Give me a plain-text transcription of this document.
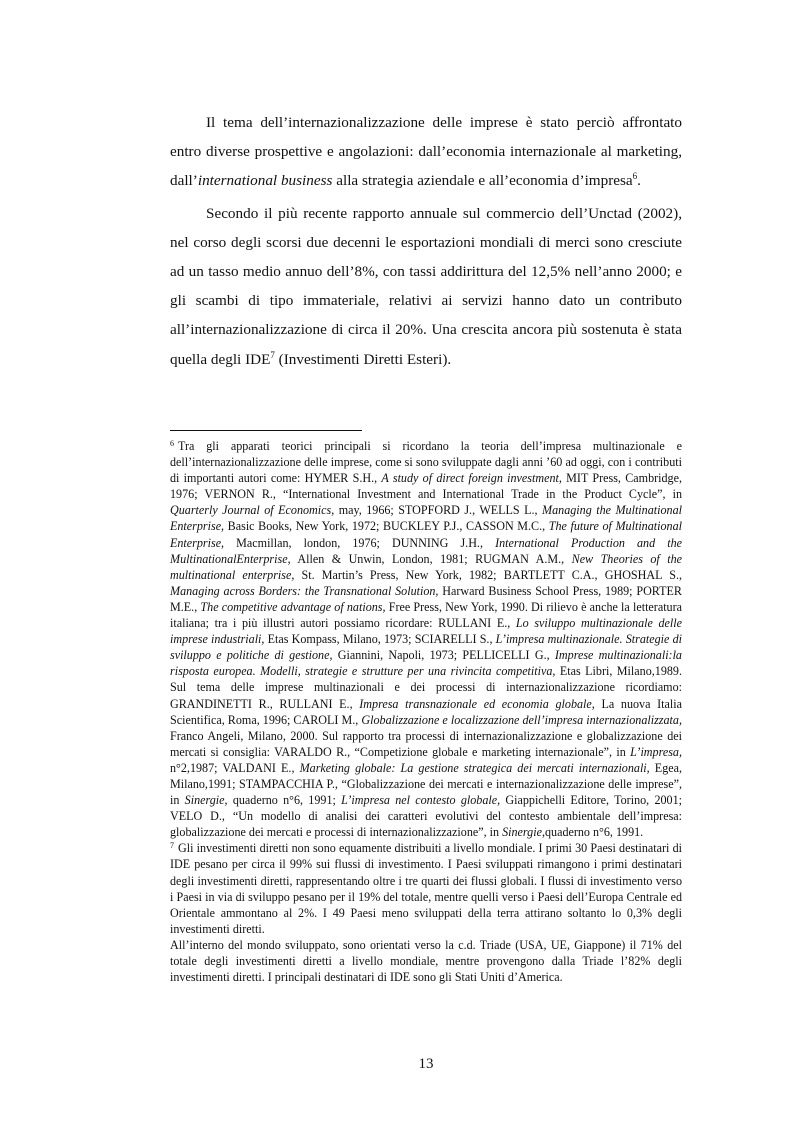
Il tema dell’internazionalizzazione delle imprese è stato perciò affrontato entro diverse prospettive e angolazioni: dall’economia internazionale al marketing, dall’international business alla strategia aziendale e all’economia d’impresa$^6$.

Secondo il più recente rapporto annuale sul commercio dell’Unctad (2002), nel corso degli scorsi due decenni le esportazioni mondiali di merci sono cresciute ad un tasso medio annuo dell’8%, con tassi addirittura del 12,5% nell’anno 2000; e gli scambi di tipo immateriale, relativi ai servizi hanno dato un contributo all’internazionalizzazione di circa il 20%. Una crescita ancora più sostenuta è stata quella degli IDE$^7$ (Investimenti Diretti Esteri).

$^6$ Tra gli apparati teorici principali si ricordano la teoria dell’impresa multinazionale e dell’internazionalizzazione delle imprese, come si sono sviluppate dagli anni ’60 ad oggi, con i contributi di importanti autori come: HYMER S.H., A study of direct foreign investment, MIT Press, Cambridge, 1976; VERNON R., “International Investment and International Trade in the Product Cycle”, in Quarterly Journal of Economics, may, 1966; STOPFORD J., WELLS L., Managing the Multinational Enterprise, Basic Books, New York, 1972; BUCKLEY P.J., CASSON M.C., The future of Multinational Enterprise, Macmillan, london, 1976; DUNNING J.H., International Production and the MultinationalEnterprise, Allen & Unwin, London, 1981; RUGMAN A.M., New Theories of the multinational enterprise, St. Martin’s Press, New York, 1982; BARTLETT C.A., GHOSHAL S., Managing across Borders: the Transnational Solution, Harward Business School Press, 1989; PORTER M.E., The competitive advantage of nations, Free Press, New York, 1990. Di rilievo è anche la letteratura italiana; tra i più illustri autori possiamo ricordare: RULLANI E., Lo sviluppo multinazionale delle imprese industriali, Etas Kompass, Milano, 1973; SCIARELLI S., L’impresa multinazionale. Strategie di sviluppo e politiche di gestione, Giannini, Napoli, 1973; PELLICELLI G., Imprese multinazionali:la risposta europea. Modelli, strategie e strutture per una rivincita competitiva, Etas Libri, Milano,1989. Sul tema delle imprese multinazionali e dei processi di internazionalizzazione ricordiamo: GRANDINETTI R., RULLANI E., Impresa transnazionale ed economia globale, La nuova Italia Scientifica, Roma, 1996; CAROLI M., Globalizzazione e localizzazione dell’impresa internazionalizzata, Franco Angeli, Milano, 2000. Sul rapporto tra processi di internazionalizzazione e globalizzazione dei mercati si consiglia: VARALDO R., “Competizione globale e marketing internazionale”, in L’impresa, n°2,1987; VALDANI E., Marketing globale: La gestione strategica dei mercati internazionali, Egea, Milano,1991; STAMPACCHIA P., “Globalizzazione dei mercati e internazionalizzazione delle imprese”, in Sinergie, quaderno n°6, 1991; L’impresa nel contesto globale, Giappichelli Editore, Torino, 2001; VELO D., “Un modello di analisi dei caratteri evolutivi del contesto ambientale dell’impresa: globalizzazione dei mercati e processi di internazionalizzazione”, in Sinergie,quaderno n°6, 1991.

$^7$ Gli investimenti diretti non sono equamente distribuiti a livello mondiale. I primi 30 Paesi destinatari di IDE pesano per circa il 99% sui flussi di investimento. I Paesi sviluppati rimangono i primi destinatari degli investimenti diretti, rappresentando oltre i tre quarti dei flussi globali. I flussi di investimento verso i Paesi in via di sviluppo pesano per il 19% del totale, mentre quelli verso i Paesi dell’Europa Centrale ed Orientale ammontano al 2%. I 49 Paesi meno sviluppati della terra attirano soltanto lo 0,3% degli investimenti diretti.

All’interno del mondo sviluppato, sono orientati verso la c.d. Triade (USA, UE, Giappone) il 71% del totale degli investimenti diretti a livello mondiale, mentre provengono dalla Triade l’82% degli investimenti diretti. I principali destinatari di IDE sono gli Stati Uniti d’America.

13
